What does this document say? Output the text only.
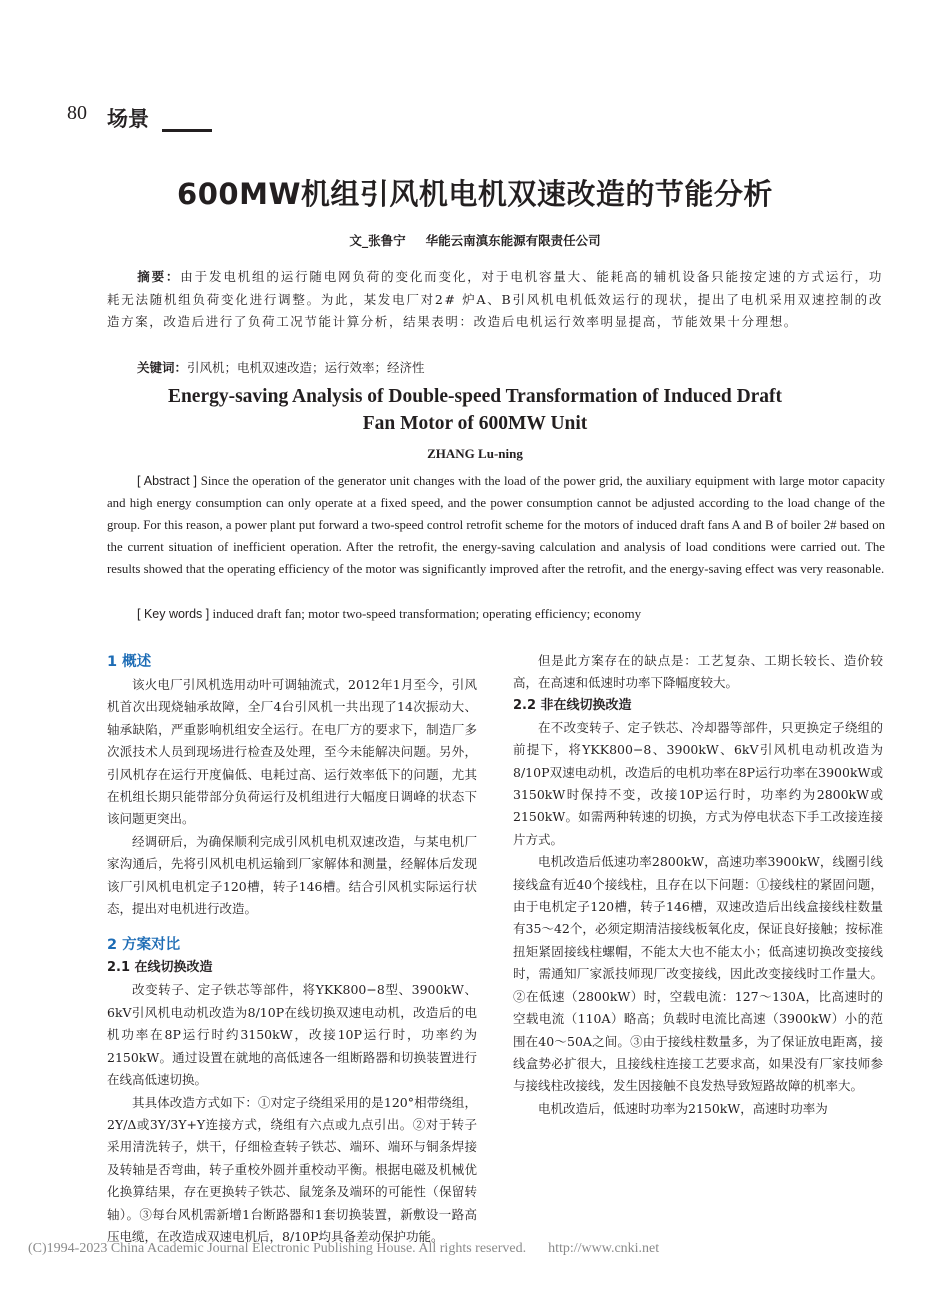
80 场景
600MW机组引风机电机双速改造的节能分析
文_张鲁宁 华能云南滇东能源有限责任公司
摘要：由于发电机组的运行随电网负荷的变化而变化，对于电机容量大、能耗高的辅机设备只能按定速的方式运行，功耗无法随机组负荷变化进行调整。为此，某发电厂对2# 炉A、B引风机电机低效运行的现状，提出了电机采用双速控制的改造方案，改造后进行了负荷工况节能计算分析，结果表明：改造后电机运行效率明显提高，节能效果十分理想。
关键词：引风机；电机双速改造；运行效率；经济性
Energy-saving Analysis of Double-speed Transformation of Induced Draft
Fan Motor of 600MW Unit
ZHANG Lu-ning
[ Abstract ] Since the operation of the generator unit changes with the load of the power grid, the auxiliary equipment with large motor capacity and high energy consumption can only operate at a fixed speed, and the power consumption cannot be adjusted according to the load change of the group. For this reason, a power plant put forward a two-speed control retrofit scheme for the motors of induced draft fans A and B of boiler 2# based on the current situation of inefficient operation. After the retrofit, the energy-saving calculation and analysis of load conditions were carried out. The results showed that the operating efficiency of the motor was significantly improved after the retrofit, and the energy-saving effect was very reasonable.
[ Key words ] induced draft fan; motor two-speed transformation; operating efficiency; economy
1 概述

该火电厂引风机选用动叶可调轴流式，2012年1月至今，引风机首次出现烧轴承故障，全厂4台引风机一共出现了14次振动大、轴承缺陷，严重影响机组安全运行。在电厂方的要求下，制造厂多次派技术人员到现场进行检查及处理，至今未能解决问题。另外，引风机存在运行开度偏低、电耗过高、运行效率低下的问题，尤其在机组长期只能带部分负荷运行及机组进行大幅度日调峰的状态下该问题更突出。

经调研后，为确保顺利完成引风机电机双速改造，与某电机厂家沟通后，先将引风机电机运输到厂家解体和测量，经解体后发现该厂引风机电机定子120槽，转子146槽。结合引风机实际运行状态，提出对电机进行改造。

2 方案对比
2.1 在线切换改造

改变转子、定子铁芯等部件，将YKK800−8型、3900kW、6kV引风机电动机改造为8/10P在线切换双速电动机，改造后的电机功率在8P运行时约3150kW，改接10P运行时，功率约为2150kW。通过设置在就地的高低速各一组断路器和切换装置进行在线高低速切换。

其具体改造方式如下：①对定子绕组采用的是120°相带绕组，2Y/Δ或3Y/3Y+Y连接方式，绕组有六点或九点引出。②对于转子采用清洗转子，烘干，仔细检查转子铁芯、端环、端环与铜条焊接及转轴是否弯曲，转子重校外圆并重校动平衡。根据电磁及机械优化换算结果，存在更换转子铁芯、鼠笼条及端环的可能性（保留转轴）。③每台风机需新增1台断路器和1套切换装置，新敷设一路高压电缆，在改造成双速电机后，8/10P均具备差动保护功能。

但是此方案存在的缺点是：工艺复杂、工期长较长、造价较高，在高速和低速时功率下降幅度较大。

2.2 非在线切换改造

在不改变转子、定子铁芯、冷却器等部件，只更换定子绕组的前提下，将YKK800−8、3900kW、6kV引风机电动机改造为8/10P双速电动机，改造后的电机功率在8P运行功率在3900kW或3150kW时保持不变，改接10P运行时，功率约为2800kW或2150kW。如需两种转速的切换，方式为停电状态下手工改接连接片方式。

电机改造后低速功率2800kW，高速功率3900kW，线圈引线接线盒有近40个接线柱，且存在以下问题：①接线柱的紧固问题，由于电机定子120槽，转子146槽，双速改造后出线盒接线柱数量有35～42个，必须定期清洁接线板氧化皮，保证良好接触；按标准扭矩紧固接线柱螺帽，不能太大也不能太小；低高速切换改变接线时，需通知厂家派技师现厂改变接线，因此改变接线时工作量大。②在低速（2800kW）时，空载电流：127～130A，比高速时的空载电流（110A）略高；负载时电流比高速（3900kW）小的范围在40～50A之间。③由于接线柱数量多，为了保证放电距离，接线盒势必扩很大，且接线柱连接工艺要求高，如果没有厂家技师参与接线柱改接线，发生因接触不良发热导致短路故障的机率大。

电机改造后，低速时功率为2150kW，高速时功率为

(C)1994-2023 China Academic Journal Electronic Publishing House. All rights reserved. http://www.cnki.net
